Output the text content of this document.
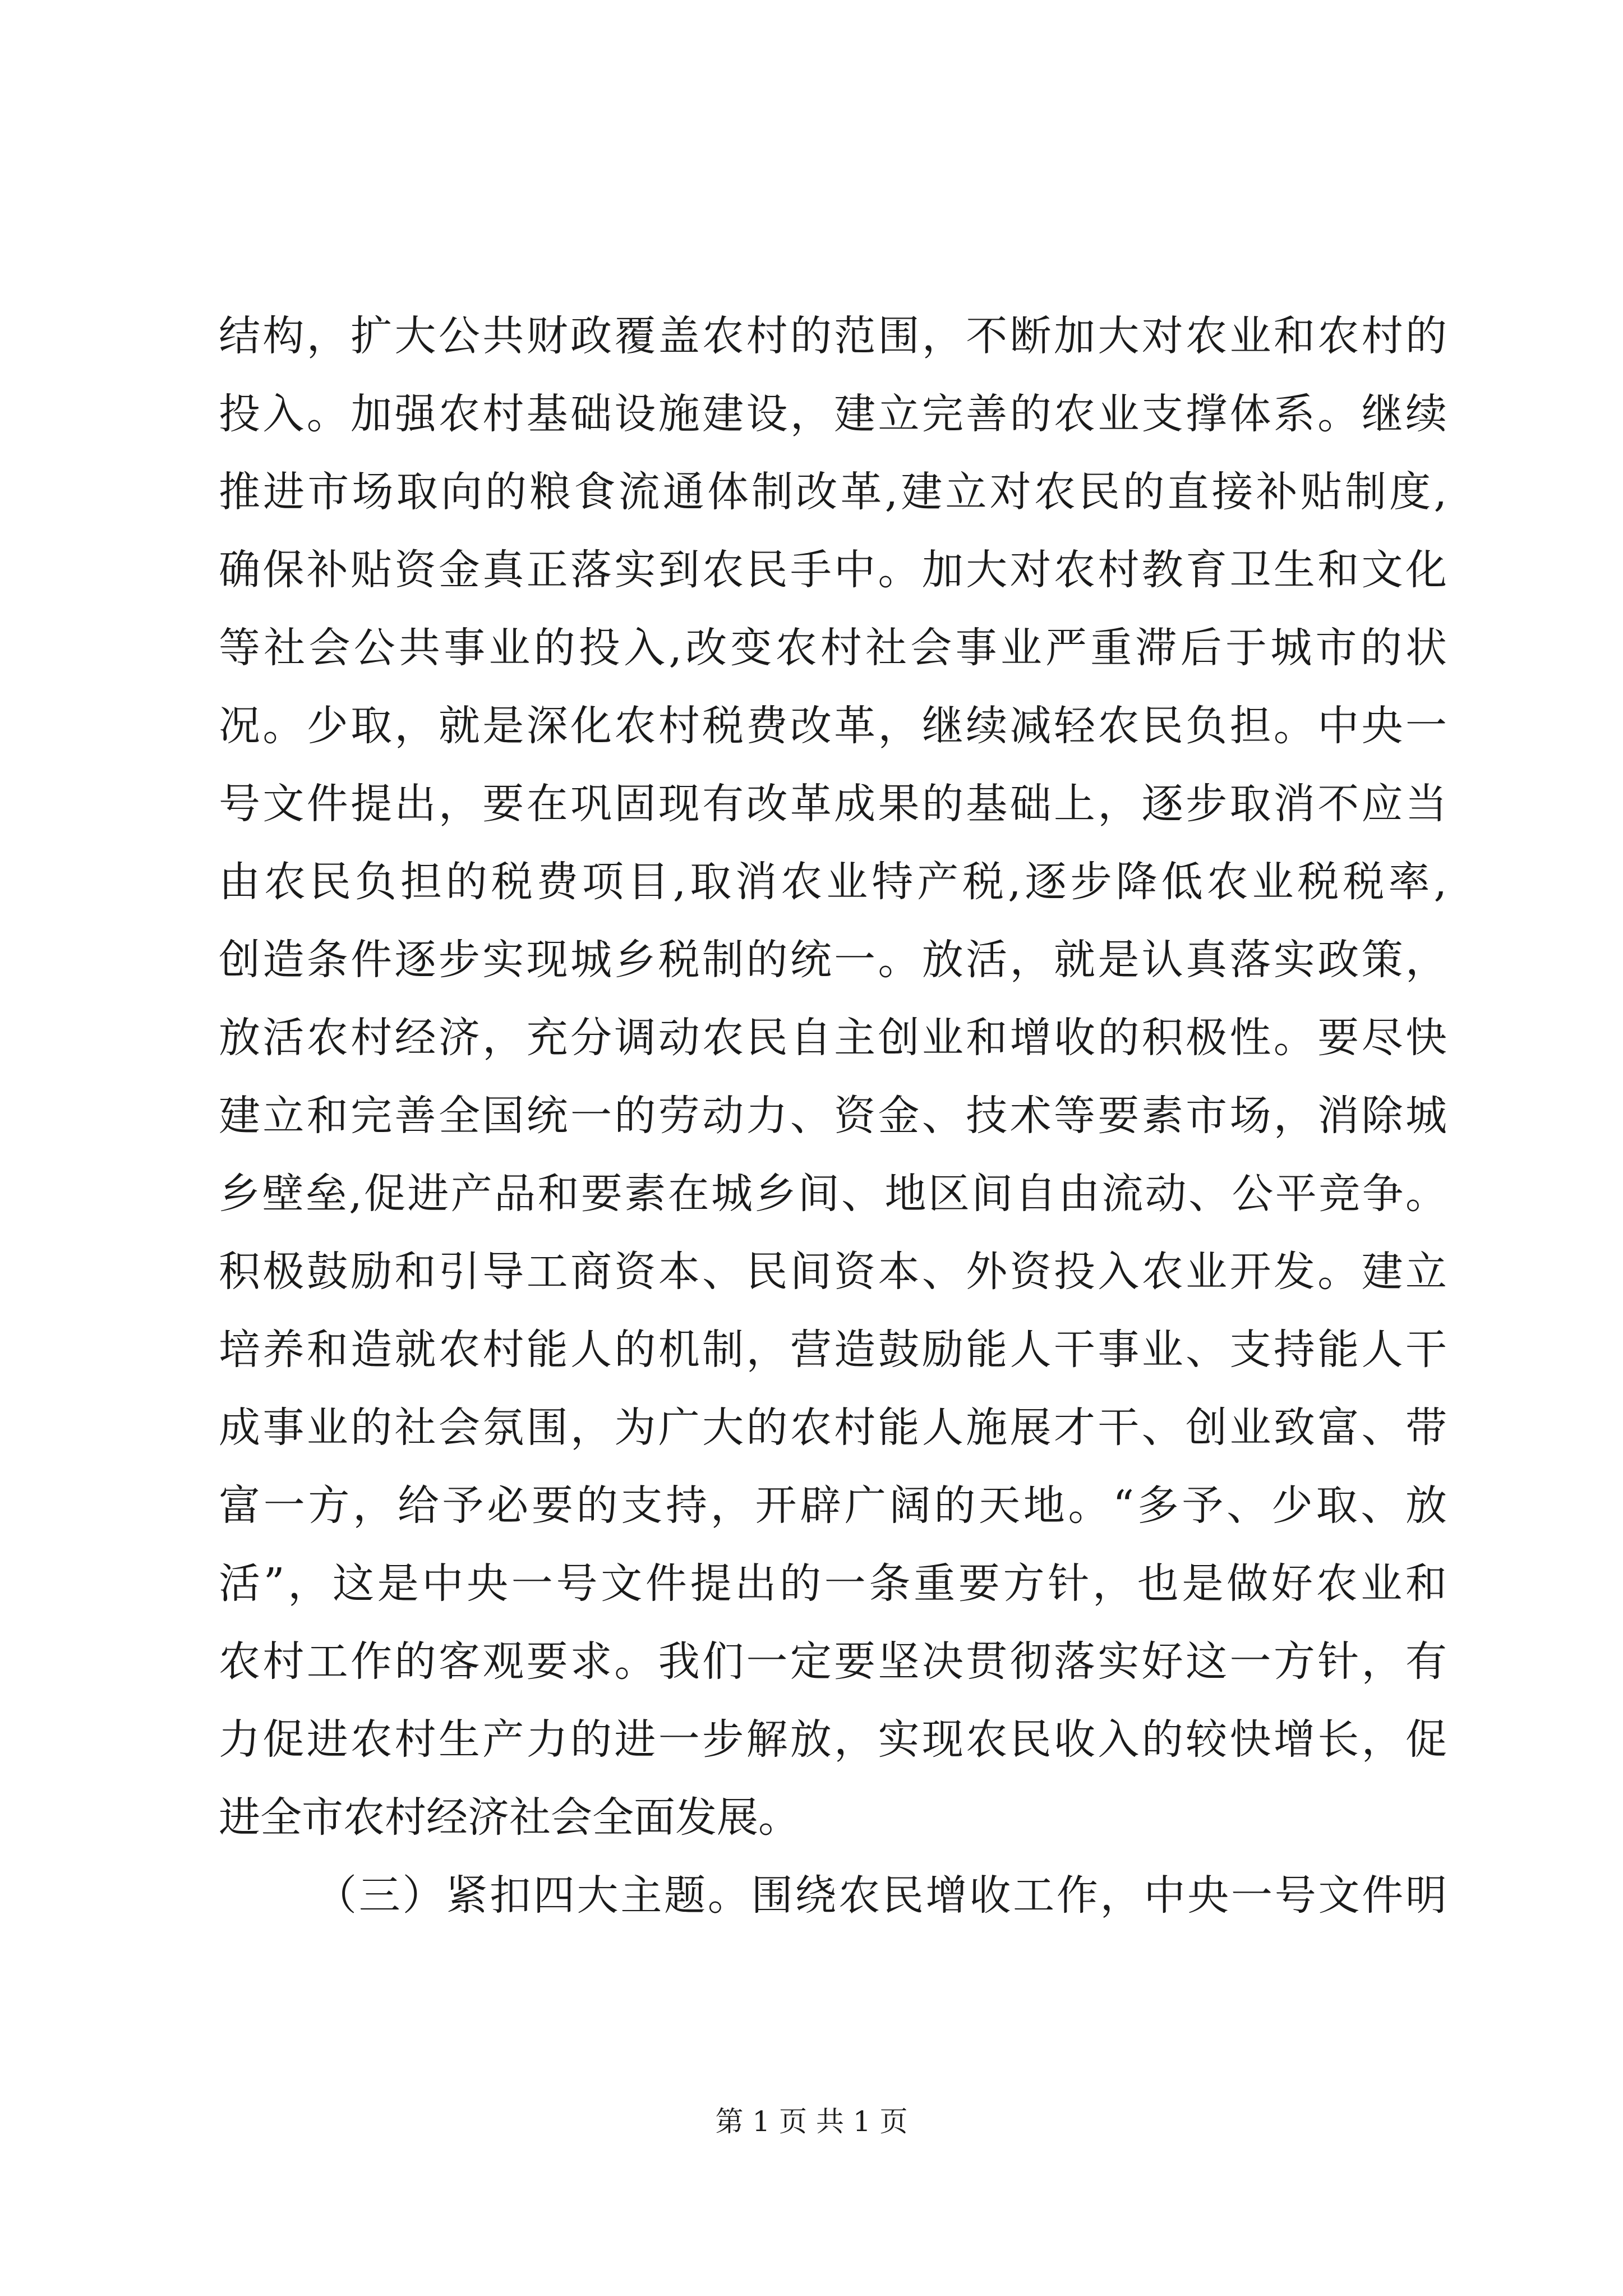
结构，扩大公共财政覆盖农村的范围，不断加大对农业和农村的
投入。加强农村基础设施建设，建立完善的农业支撑体系。继续
推进市场取向的粮食流通体制改革,建立对农民的直接补贴制度,
确保补贴资金真正落实到农民手中。加大对农村教育卫生和文化
等社会公共事业的投入,改变农村社会事业严重滞后于城市的状
况。少取，就是深化农村税费改革，继续减轻农民负担。中央一
号文件提出，要在巩固现有改革成果的基础上，逐步取消不应当
由农民负担的税费项目,取消农业特产税,逐步降低农业税税率,
创造条件逐步实现城乡税制的统一。放活，就是认真落实政策，
放活农村经济，充分调动农民自主创业和增收的积极性。要尽快
建立和完善全国统一的劳动力、资金、技术等要素市场，消除城
乡壁垒,促进产品和要素在城乡间、地区间自由流动、公平竞争。
积极鼓励和引导工商资本、民间资本、外资投入农业开发。建立
培养和造就农村能人的机制，营造鼓励能人干事业、支持能人干
成事业的社会氛围，为广大的农村能人施展才干、创业致富、带
富一方，给予必要的支持，开辟广阔的天地。“多予、少取、放
活”，这是中央一号文件提出的一条重要方针，也是做好农业和
农村工作的客观要求。我们一定要坚决贯彻落实好这一方针，有
力促进农村生产力的进一步解放，实现农民收入的较快增长，促
进全市农村经济社会全面发展。
（三）紧扣四大主题。围绕农民增收工作，中央一号文件明
第 1 页 共 1 页
